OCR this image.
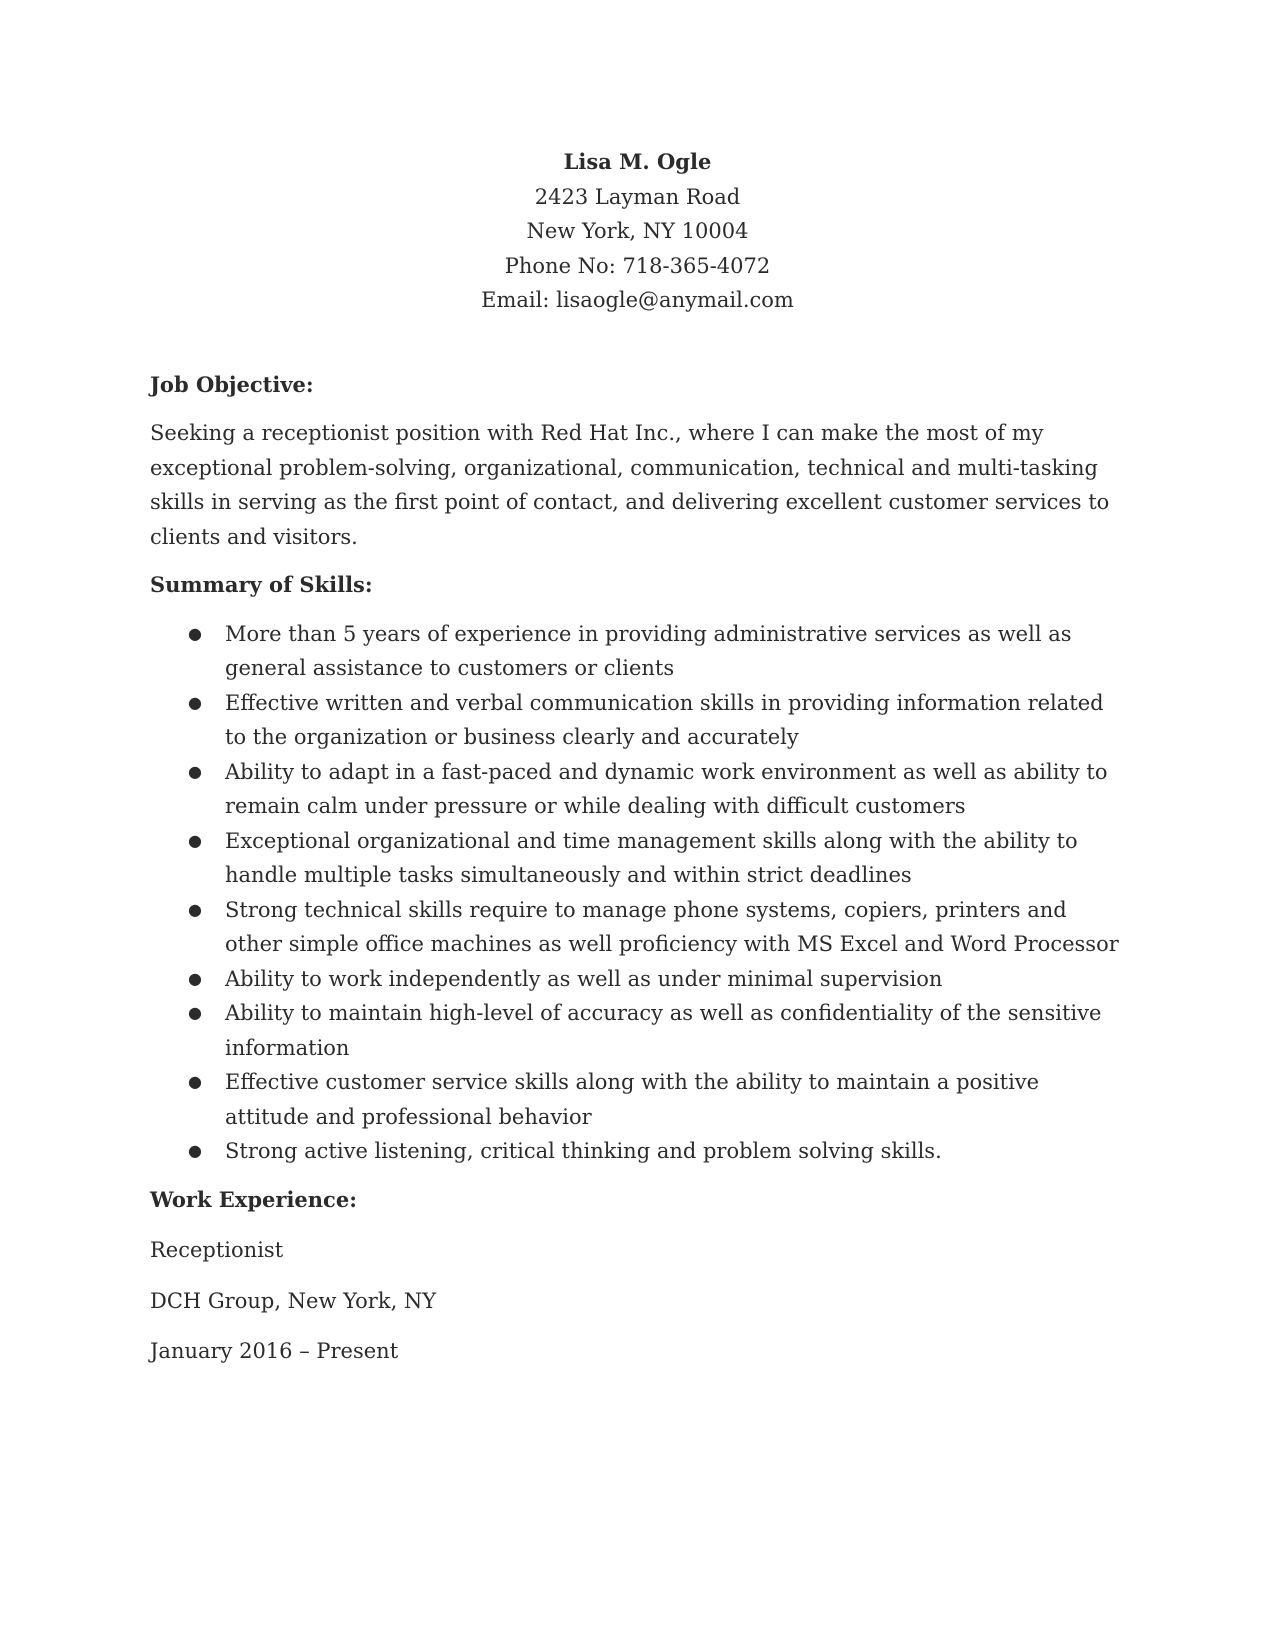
Lisa M. Ogle
2423 Layman Road
New York, NY 10004
Phone No: 718-365-4072
Email: lisaogle@anymail.com
Job Objective:

Seeking a receptionist position with Red Hat Inc., where I can make the most of my exceptional problem-solving, organizational, communication, technical and multi-tasking skills in serving as the first point of contact, and delivering excellent customer services to clients and visitors.

Summary of Skills:
● More than 5 years of experience in providing administrative services as well as general assistance to customers or clients
● Effective written and verbal communication skills in providing information related to the organization or business clearly and accurately
● Ability to adapt in a fast-paced and dynamic work environment as well as ability to remain calm under pressure or while dealing with difficult customers
● Exceptional organizational and time management skills along with the ability to handle multiple tasks simultaneously and within strict deadlines
● Strong technical skills require to manage phone systems, copiers, printers and other simple office machines as well proficiency with MS Excel and Word Processor
● Ability to work independently as well as under minimal supervision
● Ability to maintain high-level of accuracy as well as confidentiality of the sensitive information
● Effective customer service skills along with the ability to maintain a positive attitude and professional behavior
● Strong active listening, critical thinking and problem solving skills.
Work Experience:

Receptionist

DCH Group, New York, NY

January 2016 – Present
